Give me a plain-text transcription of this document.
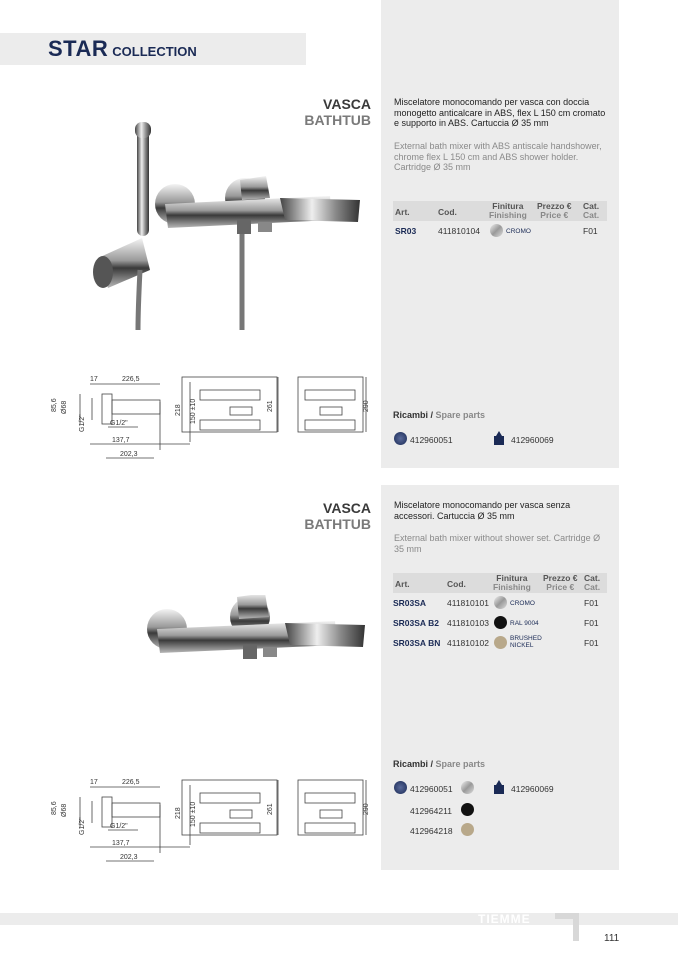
STAR COLLECTION
VASCA
BATHTUB
Miscelatore monocomando per vasca con doccia monogetto anticalcare in ABS, flex L 150 cm cromato e supporto in ABS. Cartuccia Ø 35 mm
External bath mixer with ABS antiscale handshower, chrome flex L 150 cm and ABS shower holder. Cartridge Ø 35 mm
Art.	Cod.
Finitura
Finishing
Prezzo €
Price €
Cat.
Cat.
SR03	411810104	CROMO	F01
Ricambi / Spare parts
412960051	412960069
17	226,5
85,6 Ø68
G1/2"	G1/2"
137,7
202,3
218 150 ±10	261	290
VASCA
BATHTUB
Miscelatore monocomando per vasca senza accessori. Cartuccia Ø 35 mm
External bath mixer without shower set. Cartridge Ø 35 mm
Art.	Cod.
Finitura
Finishing
Prezzo €
Price €
Cat.
Cat.
SR03SA 411810101	CROMO	F01
SR03SA B2 411810103	RAL 9004	F01
SR03SA BN 411810102	BRUSHED NICKEL	F01
Ricambi / Spare parts
412960051	412960069
412964211
412964218
17	226,5
85,6 Ø68
G1/2"	G1/2"
137,7
202,3
218 150 ±10	261	290
TIEMME
111
